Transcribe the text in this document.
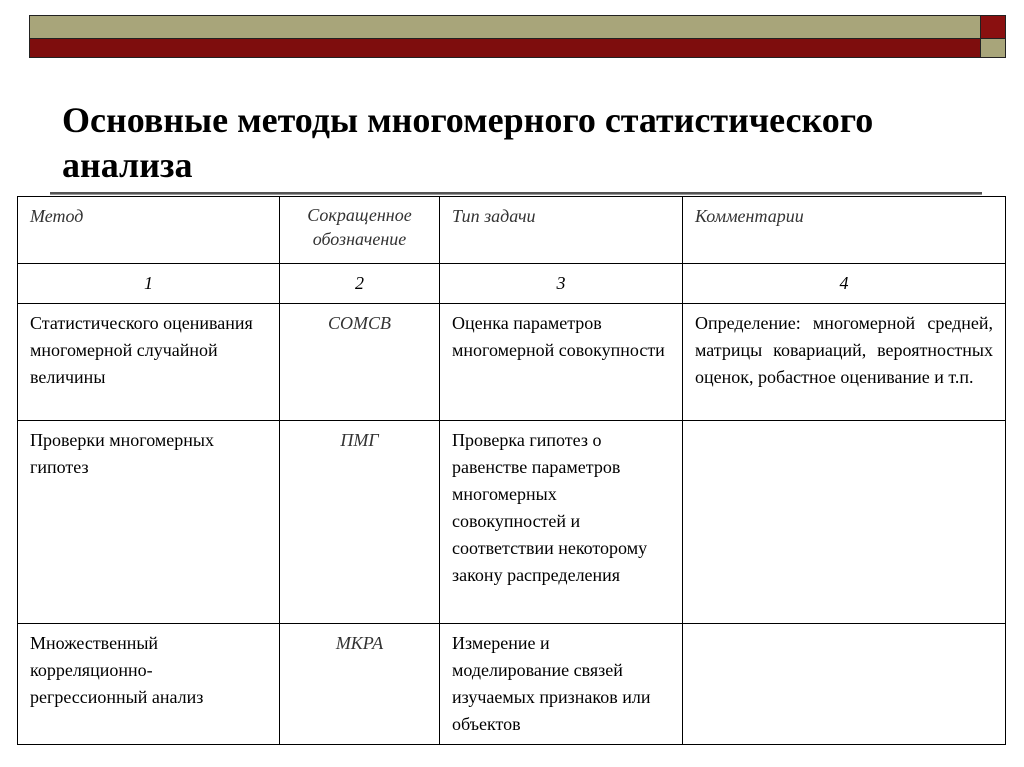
Основные методы многомерного статистического анализа
Метод	Сокращенное обозначение	Тип задачи	Комментарии
1	2	3	4
Статистического оценивания многомерной случайной величины	СОМСВ	Оценка параметров многомерной совокупности	Определение: многомерной средней, матрицы ковариаций, вероятностных оценок, робастное оценивание и т.п.
Проверки многомерных гипотез	ПМГ	Проверка гипотез о равенстве параметров многомерных совокупностей и соответствии некоторому закону распределения	
Множественный корреляционно-регрессионный анализ	МКРА	Измерение и моделирование связей изучаемых признаков или объектов	
